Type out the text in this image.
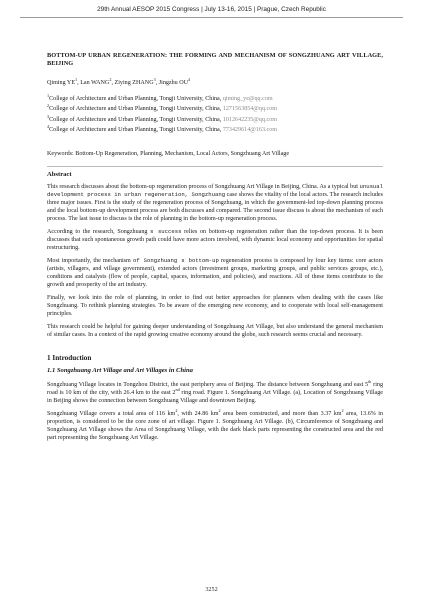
29th Annual AESOP 2015 Congress | July 13-16, 2015 | Prague, Czech Republic
BOTTOM-UP URBAN REGENERATION: THE FORMING AND MECHANISM OF SONGZHUANG ART VILLAGE, BEIJING
Qiming $YE^1$, Lan WANG$^2$, Ziying ZHANG$^3$, Jingzhu $OU^4$
$^1$College of Architecture and Urban Planning, Tongji University, China, qiming_ye@qq.com
$^2$College of Architecture and Urban Planning, Tongji University, China, 1271563854@qq.com
$^3$College of Architecture and Urban Planning, Tongji University, China, 1012642235@qq.com
$^4$College of Architecture and Urban Planning, Tongji University, China, 773429614@163.com
Keywords: Bottom-Up Regeneration, Planning, Mechanism, Local Actors, Songzhuang Art Village
Abstract
This research discusses about the bottom-up regeneration process of Songzhuang Art Village in Beijing, China. As a typical but unusual development process in urban regeneration, Songzhuang case shows the vitality of the local actors. The research includes three major issues. First is the study of the regeneration process of Songzhuang, in which the government-led top-down planning process and the local bottom-up development process are both discusses and compared. The second issue discuss is about the mechanism of such process. The last issue to discuss is the role of planning in the bottom-up regeneration process.
According to the research, Songzhuang s success relies on bottom-up regeneration rather than the top-down process. It is been discusses that such spontaneous growth path could have more actors involved, with dynamic local economy and opportunities for spatial restructuring.
Most importantly, the mechanism of Songzhuang s bottom-up regeneration process is composed by four key items: core actors (artists, villagers, and village government), extended actors (investment groups, marketing groups, and public services groups, etc.), conditions and catalysts (flow of people, capital, spaces, information, and policies), and reactions. All of these items contribute to the growth and prosperity of the art industry.
Finally, we look into the role of planning, in order to find out better approaches for planners when dealing with the cases like Songzhuang. To rethink planning strategies. To be aware of the emerging new economy, and to cooperate with local self-management principles.
This research could be helpful for gaining deeper understanding of Songzhuang Art Village, but also understand the general mechanism of similar cases. In a context of the rapid growing creative economy around the globe, such research seems crucial and necessary.
1 Introduction
1.1 Songzhuang Art Village and Art Villages in China
Songzhuang Village locates in Tongzhou District, the east periphery area of Beijing. The distance between Songzhuang and east 5th ring road is 10 km of the city, with 26.4 km to the east 2nd ring road. Figure 1. Songzhuang Art Village. (a), Location of Songzhuang Village in Beijing shows the connection between Songzhuang Village and downtown Beijing.
Songzhuang Village covers a total area of 116 $km^2$, with 24.86 $km^2$ area been constructed, and more than 3.37 $km^2$ area, 13.6% in proportion, is considered to be the core zone of art village. Figure 1. Songzhuang Art Village. (b), Circumference of Songzhuang and Songzhuang Art Village shows the Area of Songzhuang Village, with the dark black parts representing the constructed area and the red part representing the Songzhuang Art Village.
3252
